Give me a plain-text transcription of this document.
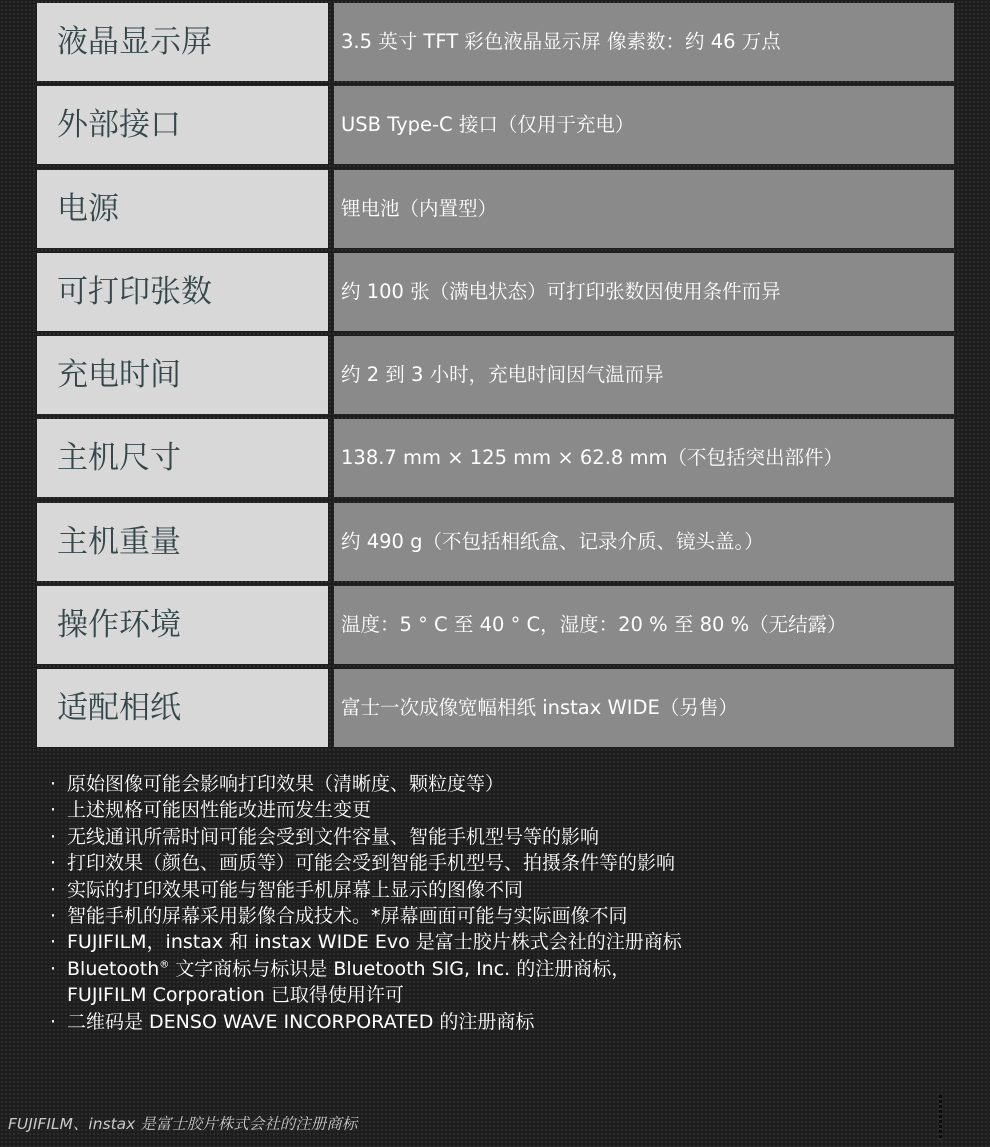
液晶显示屏	3.5 英寸 TFT 彩色液晶显示屏 像素数：约 46 万点
外部接口	USB Type-C 接口（仅用于充电）
电源	锂电池（内置型）
可打印张数	约 100 张（满电状态）可打印张数因使用条件而异
充电时间	约 2 到 3 小时，充电时间因气温而异
主机尺寸	138.7 mm × 125 mm × 62.8 mm（不包括突出部件）
主机重量	约 490 g（不包括相纸盒、记录介质、镜头盖。）
操作环境	温度：5 ° C 至 40 ° C，湿度：20 % 至 80 %（无结露）
适配相纸	富士一次成像宽幅相纸 instax WIDE（另售）
· 原始图像可能会影响打印效果（清晰度、颗粒度等）
· 上述规格可能因性能改进而发生变更
· 无线通讯所需时间可能会受到文件容量、智能手机型号等的影响
· 打印效果（颜色、画质等）可能会受到智能手机型号、拍摄条件等的影响
· 实际的打印效果可能与智能手机屏幕上显示的图像不同
· 智能手机的屏幕采用影像合成技术。*屏幕画面可能与实际画像不同
· FUJIFILM，instax 和 instax WIDE Evo 是富士胶片株式会社的注册商标
· Bluetooth® 文字商标与标识是 Bluetooth SIG, Inc. 的注册商标，
FUJIFILM Corporation 已取得使用许可
· 二维码是 DENSO WAVE INCORPORATED 的注册商标
FUJIFILM、instax 是富士胶片株式会社的注册商标
